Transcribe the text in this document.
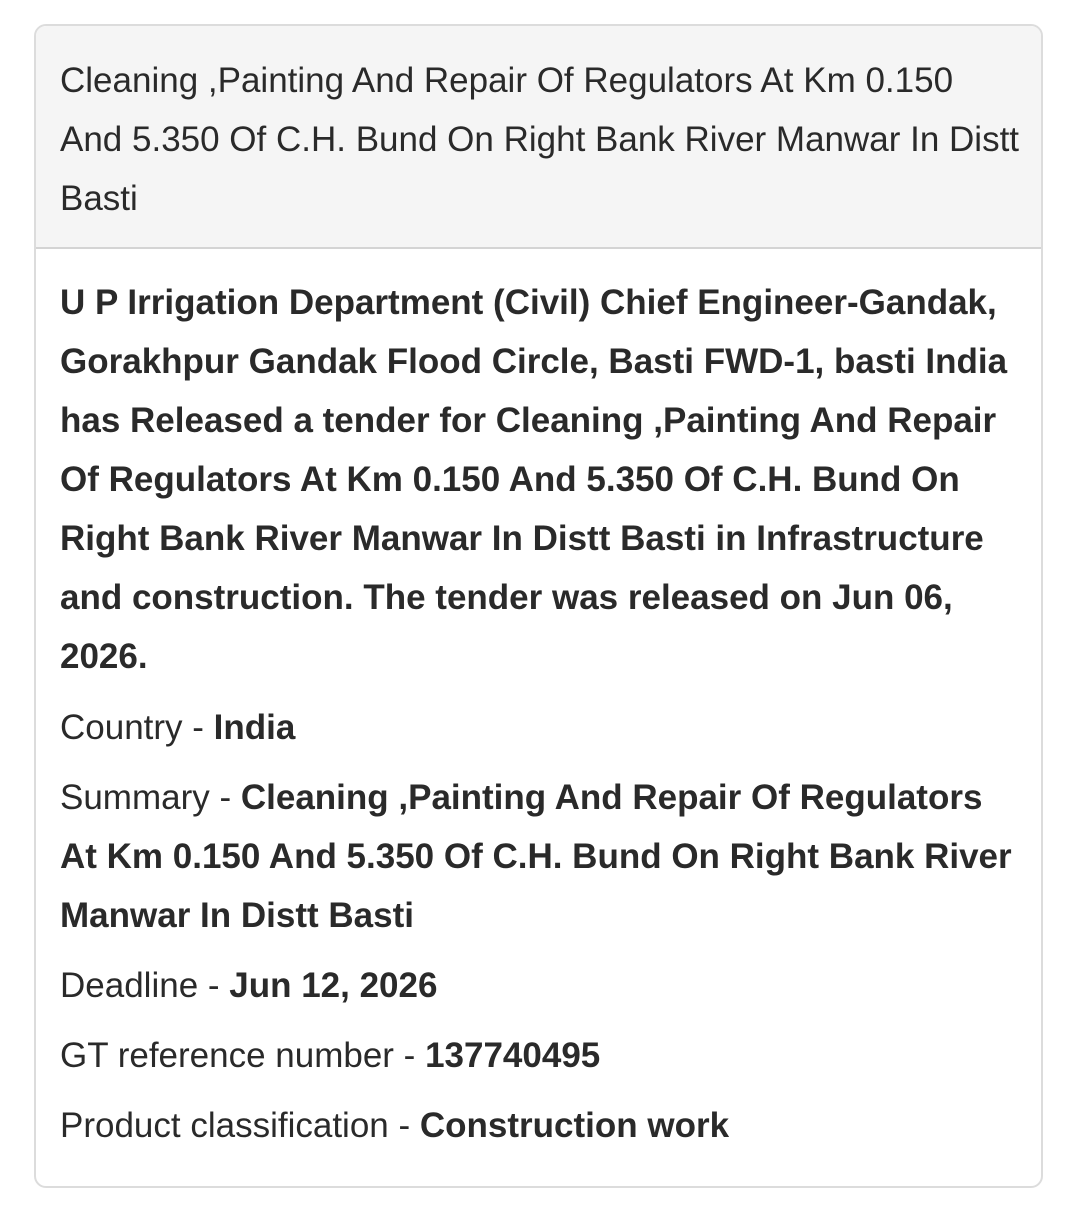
Cleaning ,Painting And Repair Of Regulators At Km 0.150 And 5.350 Of C.H. Bund On Right Bank River Manwar In Distt Basti

U P Irrigation Department (Civil) Chief Engineer-Gandak, Gorakhpur Gandak Flood Circle, Basti FWD-1, basti India has Released a tender for Cleaning ,Painting And Repair Of Regulators At Km 0.150 And 5.350 Of C.H. Bund On Right Bank River Manwar In Distt Basti in Infrastructure and construction. The tender was released on Jun 06, 2026.

Country - India
Summary - Cleaning ,Painting And Repair Of Regulators At Km 0.150 And 5.350 Of C.H. Bund On Right Bank River Manwar In Distt Basti
Deadline - Jun 12, 2026
GT reference number - 137740495
Product classification - Construction work
